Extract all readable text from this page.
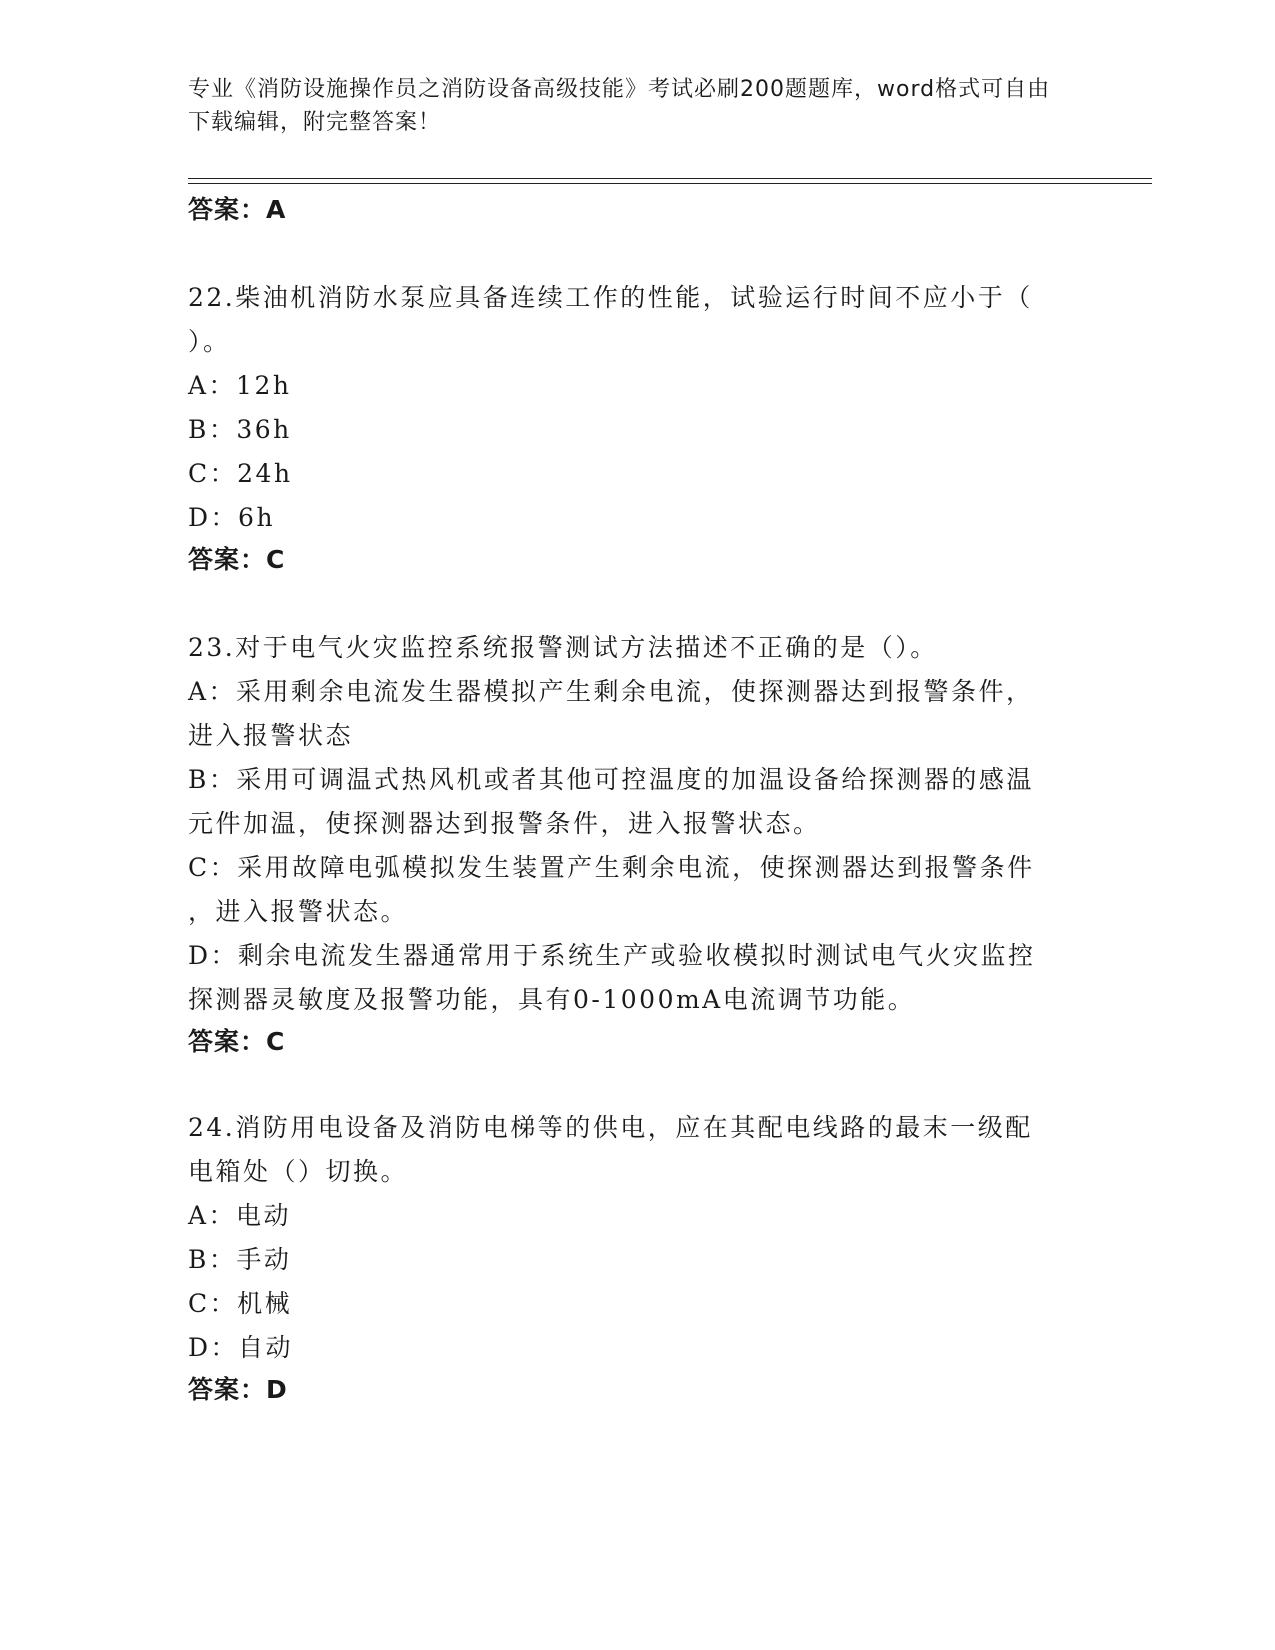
专业《消防设施操作员之消防设备高级技能》考试必刷200题题库，word格式可自由下载编辑，附完整答案！
答案：A
22.柴油机消防水泵应具备连续工作的性能，试验运行时间不应小于（
）。
A：12h
B：36h
C：24h
D：6h
答案：C
23.对于电气火灾监控系统报警测试方法描述不正确的是（）。
A：采用剩余电流发生器模拟产生剩余电流，使探测器达到报警条件，
进入报警状态
B：采用可调温式热风机或者其他可控温度的加温设备给探测器的感温
元件加温，使探测器达到报警条件，进入报警状态。
C：采用故障电弧模拟发生装置产生剩余电流，使探测器达到报警条件
，进入报警状态。
D：剩余电流发生器通常用于系统生产或验收模拟时测试电气火灾监控
探测器灵敏度及报警功能，具有0-1000mA电流调节功能。
答案：C
24.消防用电设备及消防电梯等的供电，应在其配电线路的最末一级配
电箱处（）切换。
A：电动
B：手动
C：机械
D：自动
答案：D
